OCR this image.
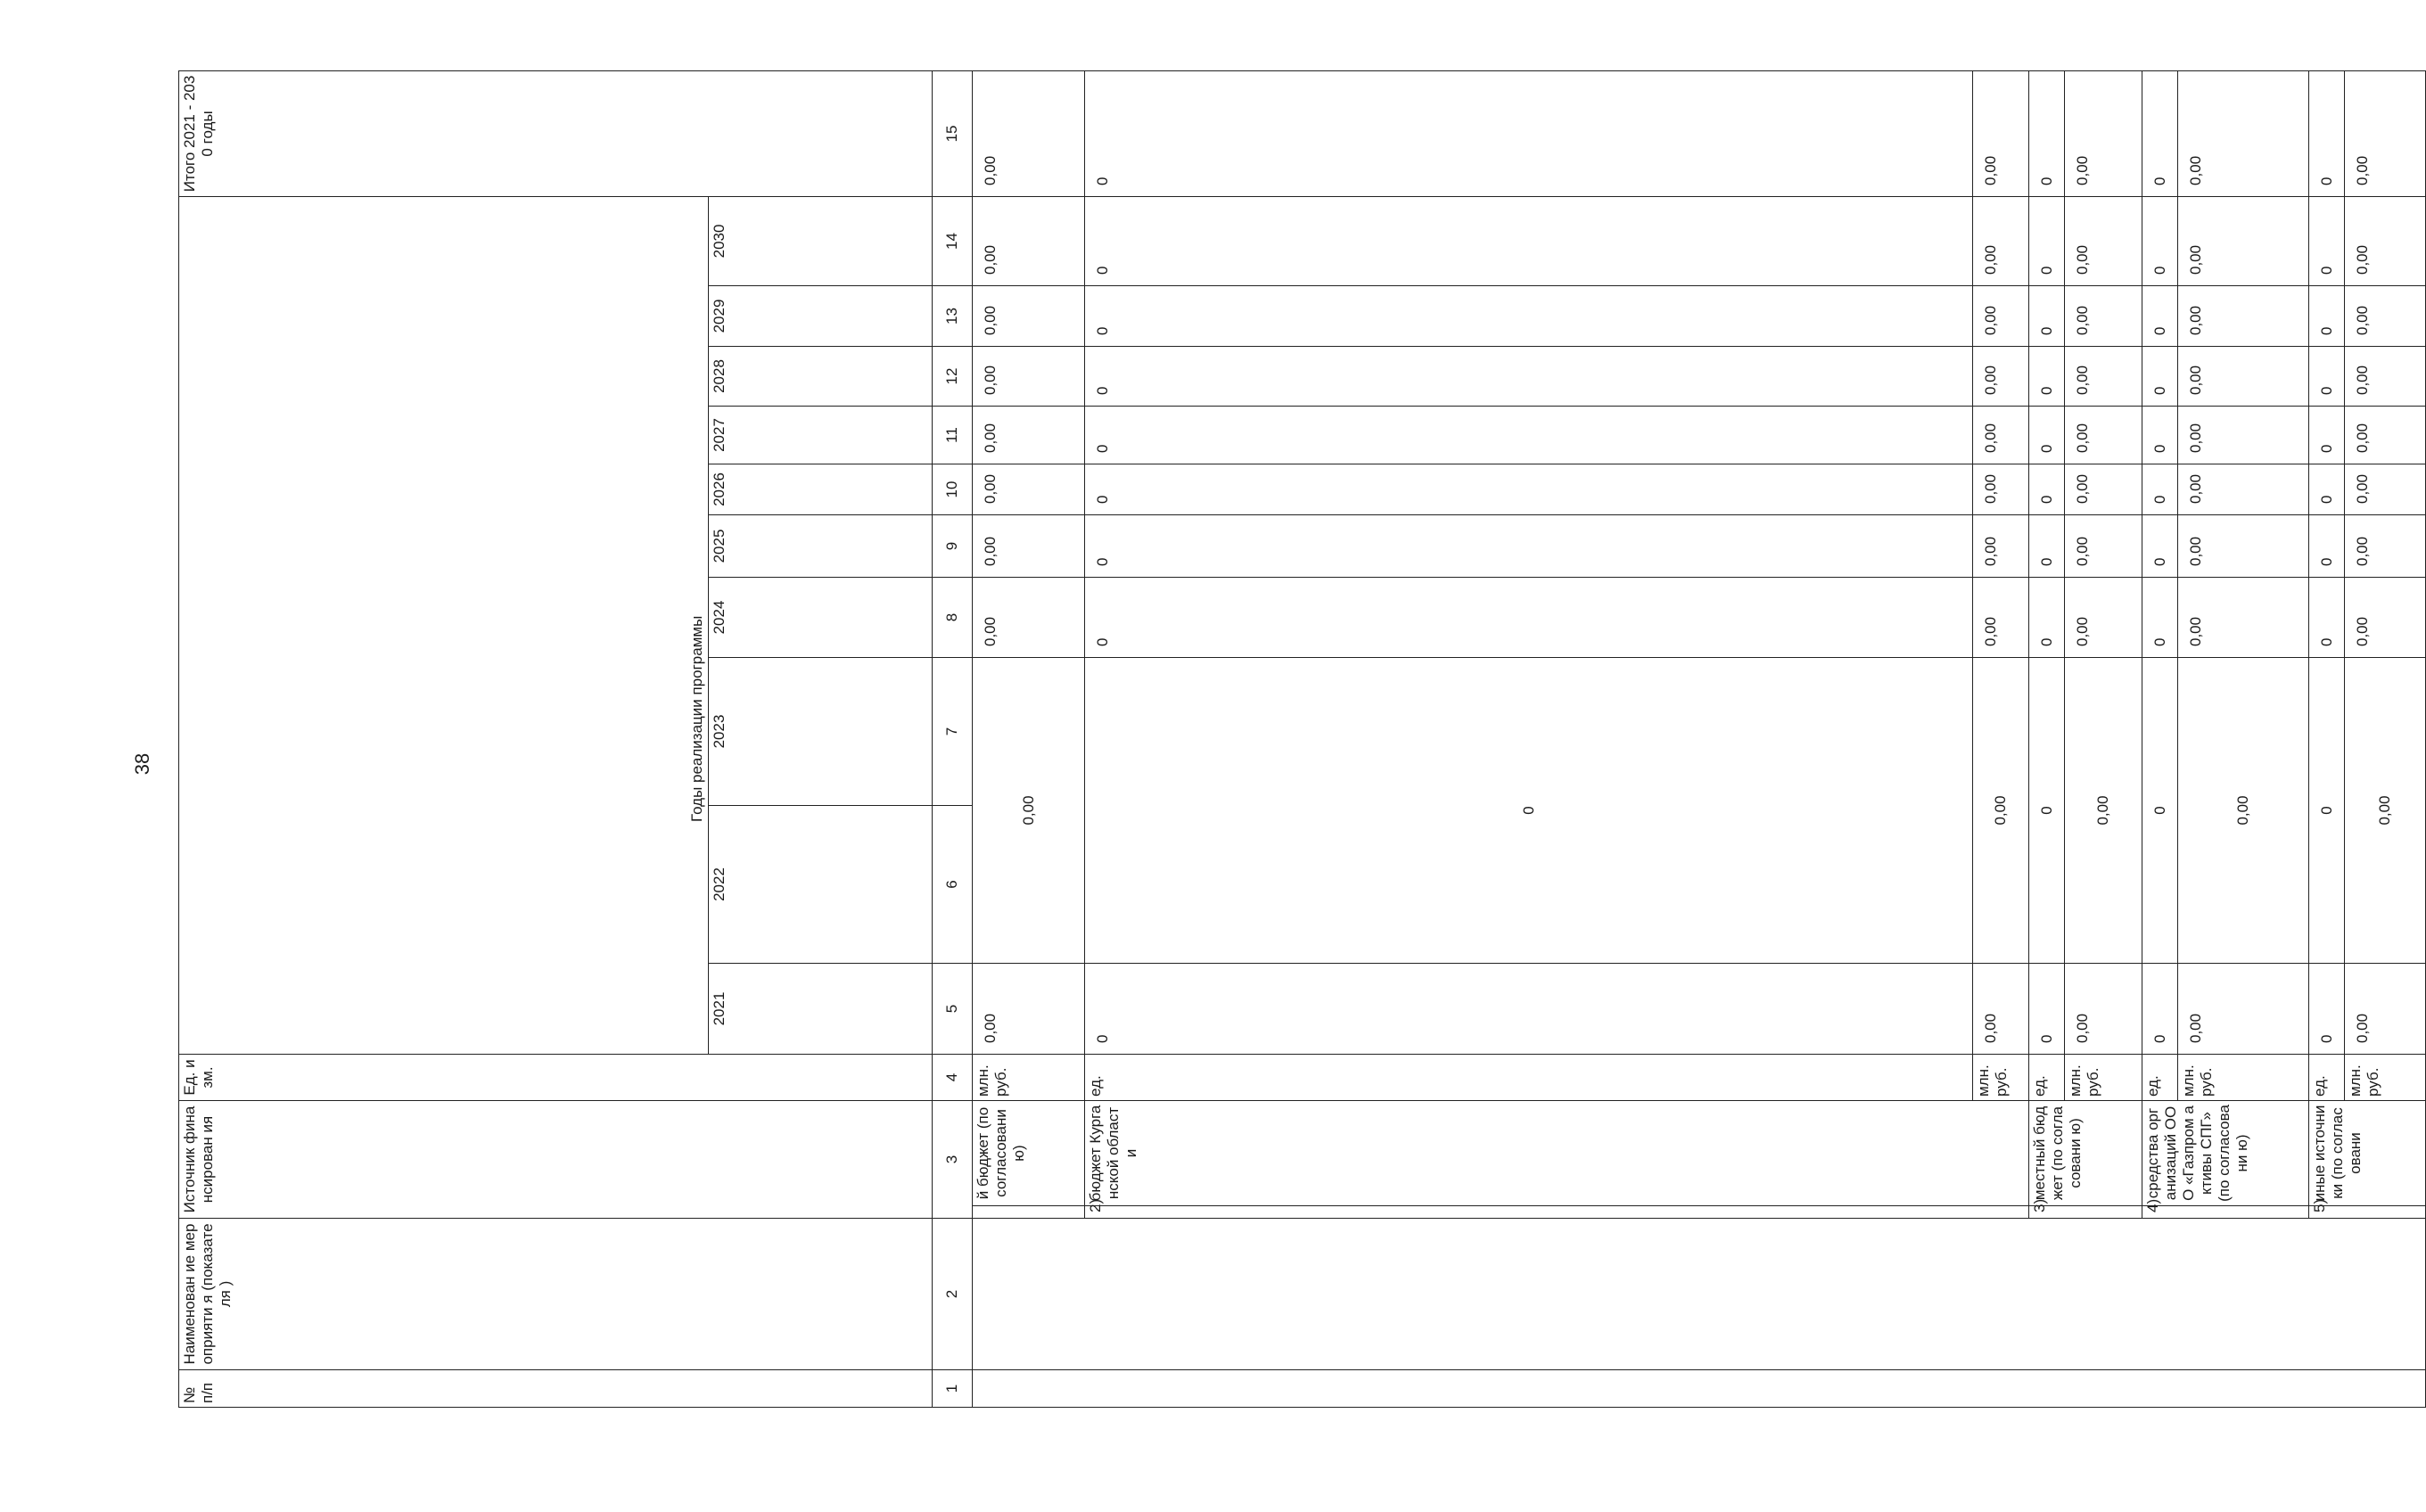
38
№ п/п	Наименован ие мероприяти я (показателя )	Источник финансирован ия		Ед. изм.	Годы реализации программы										Итого 2021 - 2030 годы	
					2021	2022	2023	2024	2025	2026	2027	2028	2029	2030		
1	2	3		4	5	6	7	8	9	10	11	12	13	14	15	
			й бюджет (по согласовани ю)	млн. руб.	0,00	0,00		0,00	0,00	0,00	0,00	0,00	0,00	0,00	0,00	
		2)	бюджет Курганской области	ед.	0	0		0	0	0	0	0	0	0	0	
				млн. руб.	0,00	0,00		0,00	0,00	0,00	0,00	0,00	0,00	0,00	0,00	
		3)	местный бюджет (по согласовани ю)	ед.	0	0		0	0	0	0	0	0	0	0	
				млн. руб.	0,00	0,00		0,00	0,00	0,00	0,00	0,00	0,00	0,00	0,00	
		4)	средства организаций ООО «Газпром активы СПГ» (по согласовани ю)	ед.	0	0		0	0	0	0	0	0	0	0	
				млн. руб.	0,00	0,00		0,00	0,00	0,00	0,00	0,00	0,00	0,00	0,00	
		5)	иные источники (по согласовани	ед.	0	0		0	0	0	0	0	0	0	0	
				млн. руб.	0,00	0,00		0,00	0,00	0,00	0,00	0,00	0,00	0,00	0,00	
